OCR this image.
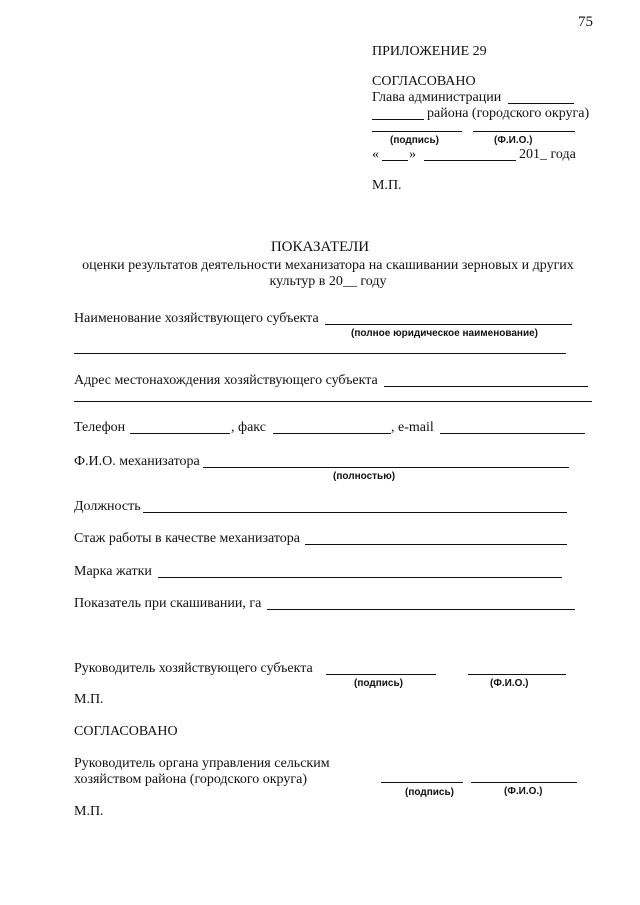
75
ПРИЛОЖЕНИЕ 29
СОГЛАСОВАНО
Глава администрации
района (городского округа)
(подпись)	(Ф.И.О.)
« »	201_ года
М.П.
ПОКАЗАТЕЛИ
оценки результатов деятельности механизатора на скашивании зерновых и других
культур в 20__ году
Наименование хозяйствующего субъекта
(полное юридическое наименование)
Адрес местонахождения хозяйствующего субъекта
Телефон	, факс	, e-mail
Ф.И.О. механизатора
(полностью)
Должность
Стаж работы в качестве механизатора
Марка жатки
Показатель при скашивании, га
Руководитель хозяйствующего субъекта
(подпись)	(Ф.И.О.)
М.П.
СОГЛАСОВАНО
Руководитель органа управления сельским
хозяйством района (городского округа)
(подпись)	(Ф.И.О.)
М.П.
